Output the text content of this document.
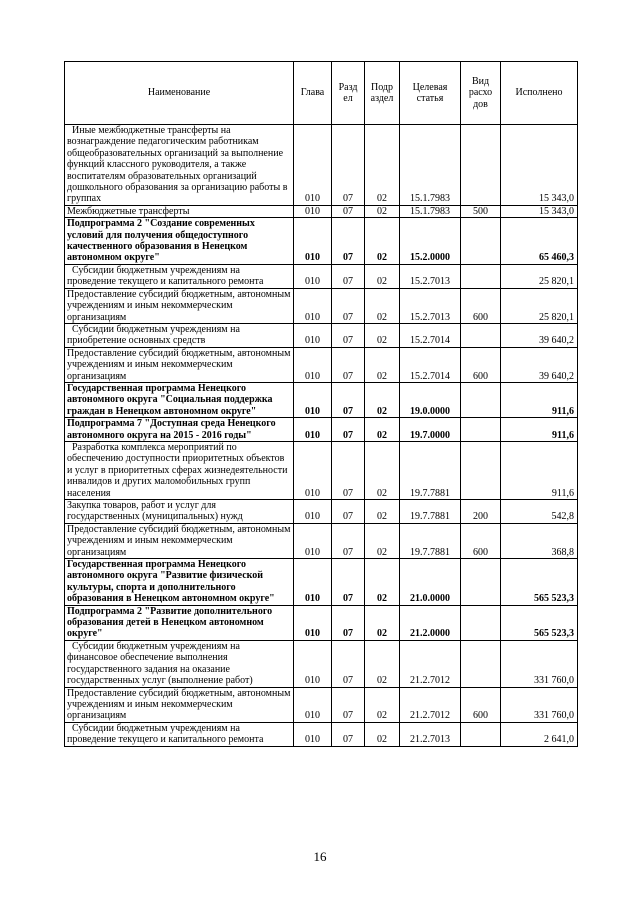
Наименование	Глава	Разд ел	Подр аздел	Целевая статья	Вид расхо дов	Исполнено
Иные межбюджетные трансферты на вознаграждение педагогическим работникам общеобразовательных организаций за выполнение функций классного руководителя, а также воспитателям образовательных организаций дошкольного образования за организацию работы в группах	010	07	02	15.1.7983		15 343,0
Межбюджетные трансферты	010	07	02	15.1.7983	500	15 343,0
Подпрограмма 2 "Создание современных условий для получения общедоступного качественного образования в Ненецком автономном округе"	010	07	02	15.2.0000		65 460,3
Субсидии бюджетным учреждениям на проведение текущего и капитального ремонта	010	07	02	15.2.7013		25 820,1
Предоставление субсидий бюджетным, автономным учреждениям и иным некоммерческим организациям	010	07	02	15.2.7013	600	25 820,1
Субсидии бюджетным учреждениям на приобретение основных средств	010	07	02	15.2.7014		39 640,2
Предоставление субсидий бюджетным, автономным учреждениям и иным некоммерческим организациям	010	07	02	15.2.7014	600	39 640,2
Государственная программа Ненецкого автономного округа "Социальная поддержка граждан в Ненецком автономном округе"	010	07	02	19.0.0000		911,6
Подпрограмма 7 "Доступная среда Ненецкого автономного округа на 2015 - 2016 годы"	010	07	02	19.7.0000		911,6
Разработка комплекса мероприятий по обеспечению доступности приоритетных объектов и услуг в приоритетных сферах жизнедеятельности инвалидов и других маломобильных групп населения	010	07	02	19.7.7881		911,6
Закупка товаров, работ и услуг для государственных (муниципальных) нужд	010	07	02	19.7.7881	200	542,8
Предоставление субсидий бюджетным, автономным учреждениям и иным некоммерческим организациям	010	07	02	19.7.7881	600	368,8
Государственная программа Ненецкого автономного округа "Развитие физической культуры, спорта и дополнительного образования в Ненецком автономном округе"	010	07	02	21.0.0000		565 523,3
Подпрограмма 2 "Развитие дополнительного образования детей в Ненецком автономном округе"	010	07	02	21.2.0000		565 523,3
Субсидии бюджетным учреждениям на финансовое обеспечение выполнения государственного задания на оказание государственных услуг (выполнение работ)	010	07	02	21.2.7012		331 760,0
Предоставление субсидий бюджетным, автономным учреждениям и иным некоммерческим организациям	010	07	02	21.2.7012	600	331 760,0
Субсидии бюджетным учреждениям на проведение текущего и капитального ремонта	010	07	02	21.2.7013		2 641,0
16
